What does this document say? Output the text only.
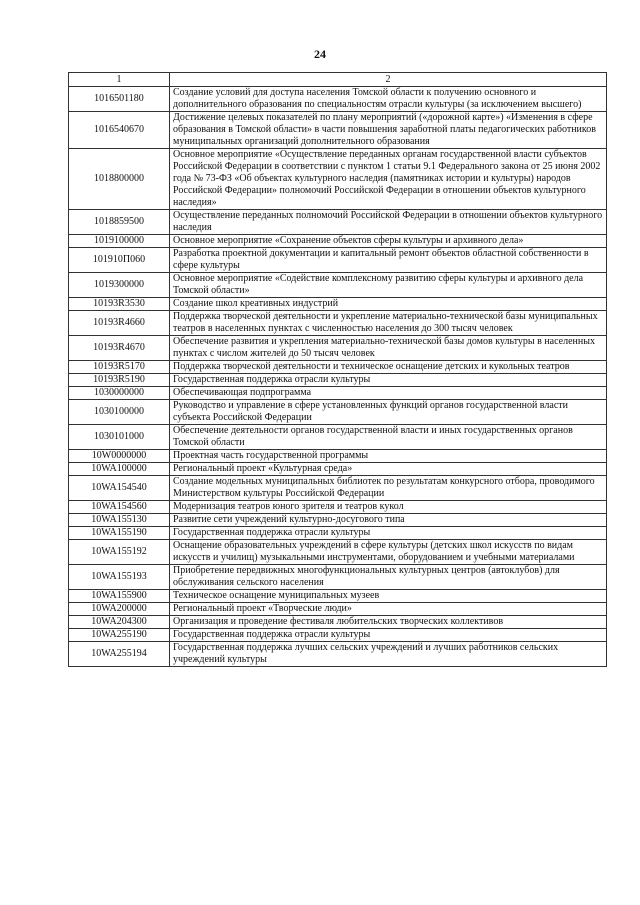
24
1	2
1016501180	Создание условий для доступа населения Томской области к получению основного и дополнительного образования по специальностям отрасли культуры (за исключением высшего)
1016540670	Достижение целевых показателей по плану мероприятий («дорожной карте») «Изменения в сфере образования в Томской области» в части повышения заработной платы педагогических работников муниципальных организаций дополнительного образования
1018800000	Основное мероприятие «Осуществление переданных органам государственной власти субъектов Российской Федерации в соответствии с пунктом 1 статьи 9.1 Федерального закона от 25 июня 2002 года № 73-ФЗ «Об объектах культурного наследия (памятниках истории и культуры) народов Российской Федерации» полномочий Российской Федерации в отношении объектов культурного наследия»
1018859500	Осуществление переданных полномочий Российской Федерации в отношении объектов культурного наследия
1019100000	Основное мероприятие «Сохранение объектов сферы культуры и архивного дела»
101910П060	Разработка проектной документации и капитальный ремонт объектов областной собственности в сфере культуры
1019300000	Основное мероприятие «Содействие комплексному развитию сферы культуры и архивного дела Томской области»
10193R3530	Создание школ креативных индустрий
10193R4660	Поддержка творческой деятельности и укрепление материально-технической базы муниципальных театров в населенных пунктах с численностью населения до 300 тысяч человек
10193R4670	Обеспечение развития и укрепления материально-технической базы домов культуры в населенных пунктах с числом жителей до 50 тысяч человек
10193R5170	Поддержка творческой деятельности и техническое оснащение детских и кукольных театров
10193R5190	Государственная поддержка отрасли культуры
1030000000	Обеспечивающая подпрограмма
1030100000	Руководство и управление в сфере установленных функций органов государственной власти субъекта Российской Федерации
1030101000	Обеспечение деятельности органов государственной власти и иных государственных органов Томской области
10W0000000	Проектная часть государственной программы
10WA100000	Региональный проект «Культурная среда»
10WA154540	Создание модельных муниципальных библиотек по результатам конкурсного отбора, проводимого Министерством культуры Российской Федерации
10WA154560	Модернизация театров юного зрителя и театров кукол
10WA155130	Развитие сети учреждений культурно-досугового типа
10WA155190	Государственная поддержка отрасли культуры
10WA155192	Оснащение образовательных учреждений в сфере культуры (детских школ искусств по видам искусств и училищ) музыкальными инструментами, оборудованием и учебными материалами
10WA155193	Приобретение передвижных многофункциональных культурных центров (автоклубов) для обслуживания сельского населения
10WA155900	Техническое оснащение муниципальных музеев
10WA200000	Региональный проект «Творческие люди»
10WA204300	Организация и проведение фестиваля любительских творческих коллективов
10WA255190	Государственная поддержка отрасли культуры
10WA255194	Государственная поддержка лучших сельских учреждений и лучших работников сельских учреждений культуры
